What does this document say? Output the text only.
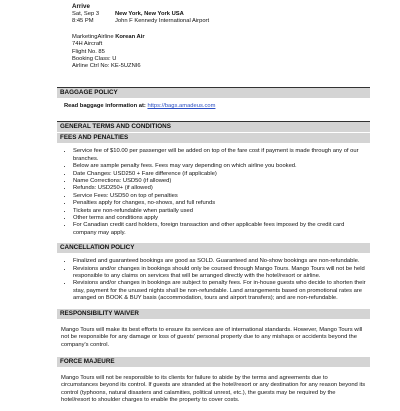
Arrive
Sat, Sep 3	New York, New York USA
8:45 PM	John F Kennedy International Airport
MarketingAirline Korean Air
74H Aircraft
Flight No. 85
Booking Class: U
Airline Ctrl No: KE-5UZNI6
BAGGAGE POLICY
Read baggage information at: https://bags.amadeus.com
GENERAL TERMS AND CONDITIONS
FEES AND PENALTIES
• Service fee of $10.00 per passenger will be added on top of the fare cost if payment is made through any of our branches.
• Below are sample penalty fees. Fees may vary depending on which airline you booked.
• Date Changes: USD250 + Fare difference (if applicable)
• Name Corrections: USD50 (if allowed)
• Refunds: USD250+ (if allowed)
• Service Fees: USD50 on top of penalties
• Penalties apply for changes, no-shows, and full refunds
• Tickets are non-refundable when partially used
• Other terms and conditions apply
• For Canadian credit card holders, foreign transaction and other applicable fees imposed by the credit card company may apply.
CANCELLATION POLICY
• Finalized and guaranteed bookings are good as SOLD. Guaranteed and No-show bookings are non-refundable.
• Revisions and/or changes in bookings should only be coursed through Mango Tours. Mango Tours will not be held responsible to any claims on services that will be arranged directly with the hotel/resort or airline.
• Revisions and/or changes in bookings are subject to penalty fees. For in-house guests who decide to shorten their stay, payment for the unused nights shall be non-refundable. Land arrangements based on promotional rates are arranged on BOOK & BUY basis (accommodation, tours and airport transfers); and are non-refundable.
RESPONSIBILITY WAIVER

Mango Tours will make its best efforts to ensure its services are of international standards. However, Mango Tours will not be responsible for any damage or loss of guests' personal property due to any mishaps or accidents beyond the company's control.

FORCE MAJEURE

Mango Tours will not be responsible to its clients for failure to abide by the terms and agreements due to circumstances beyond its control. If guests are stranded at the hotel/resort or any destination for any reason beyond its control (typhoons, natural disasters and calamities, political unrest, etc.), the guests may be required by the hotel/resort to shoulder charges to enable the property to cover costs.
